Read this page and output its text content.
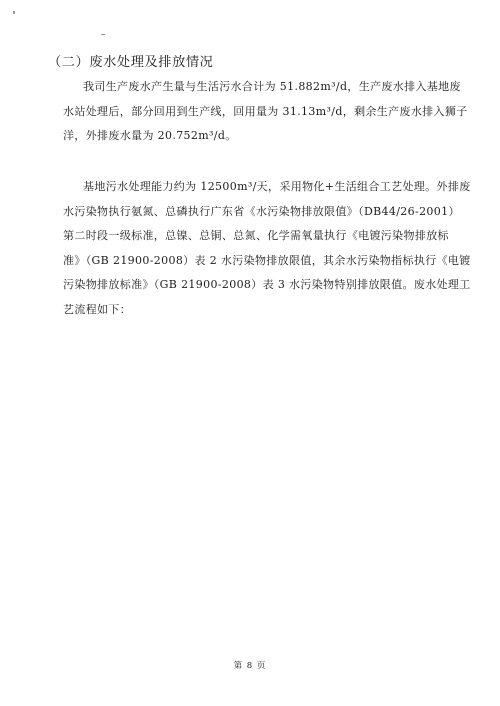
（二）废水处理及排放情况
我司生产废水产生量与生活污水合计为 51.882m³/d，生产废水排入基地废
水站处理后，部分回用到生产线，回用量为 31.13m³/d，剩余生产废水排入狮子
洋，外排废水量为 20.752m³/d。
基地污水处理能力约为 12500m³/天，采用物化+生活组合工艺处理。外排废
水污染物执行氨氮、总磷执行广东省《水污染物排放限值》（DB44/26-2001）
第二时段一级标准，总镍、总铜、总氮、化学需氧量执行《电镀污染物排放标
准》（GB 21900-2008）表 2 水污染物排放限值，其余水污染物指标执行《电镀
污染物排放标准》（GB 21900-2008）表 3 水污染物特别排放限值。废水处理工
艺流程如下：
第 8 页
